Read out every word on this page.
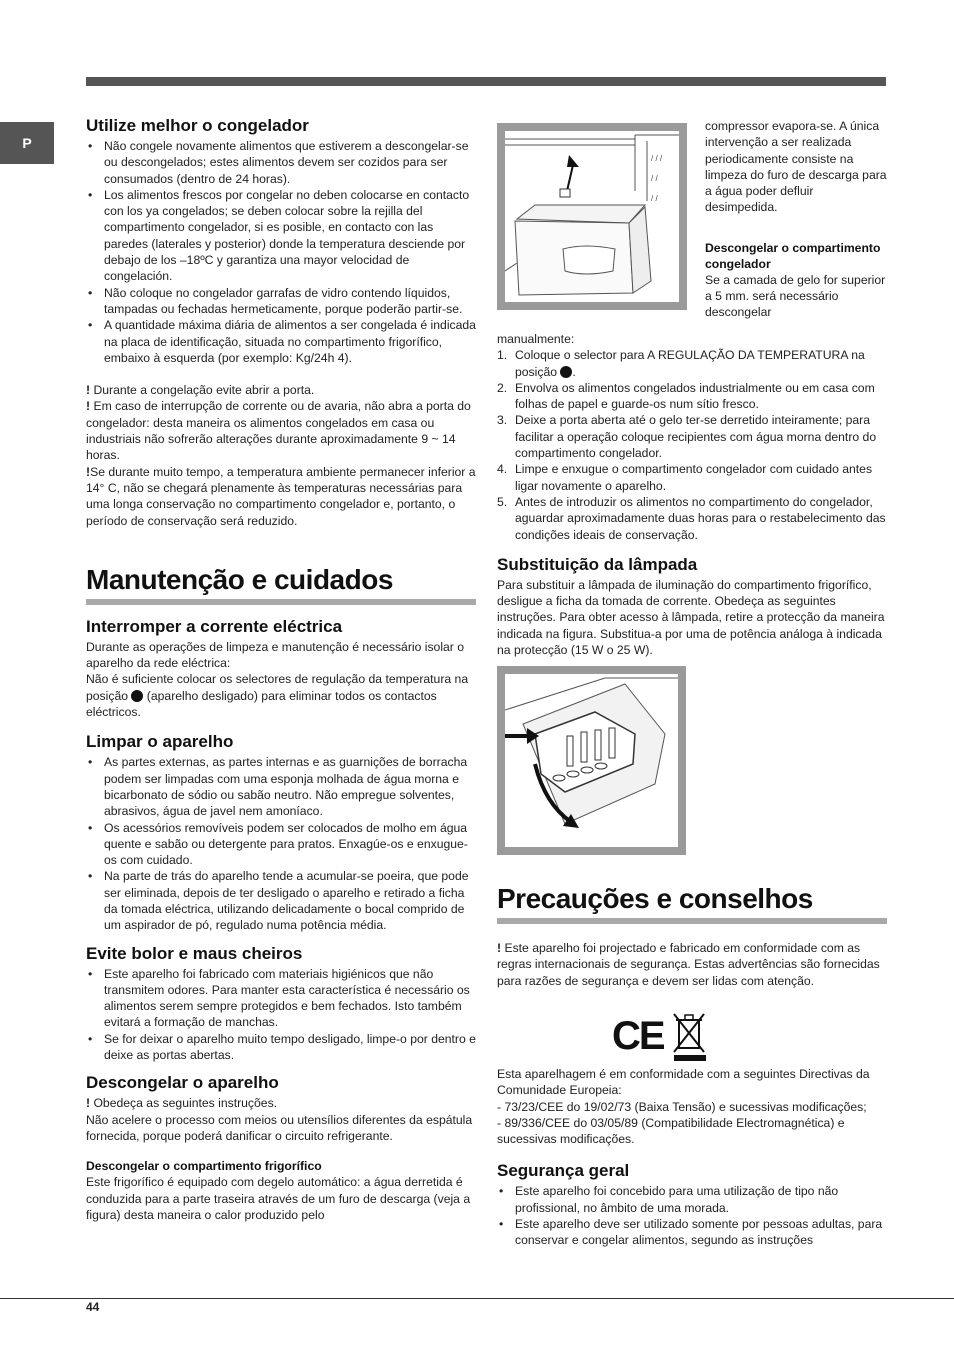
P
Utilize melhor o congelador
• Não congele novamente alimentos que estiverem a descongelar-se ou descongelados; estes alimentos devem ser cozidos para ser consumados (dentro de 24 horas).
• Los alimentos frescos por congelar no deben colocarse en contacto con los ya congelados; se deben colocar sobre la rejilla del compartimento congelador, si es posible, en contacto con las paredes (laterales y posterior) donde la temperatura desciende por debajo de los –18ºC y garantiza una mayor velocidad de congelación.
• Não coloque no congelador garrafas de vidro contendo líquidos, tampadas ou fechadas hermeticamente, porque poderão partir-se.
• A quantidade máxima diária de alimentos a ser congelada é indicada na placa de identificação, situada no compartimento frigorífico, embaixo à esquerda (por exemplo: Kg/24h 4).

! Durante a congelação evite abrir a porta.

! Em caso de interrupção de corrente ou de avaria, não abra a porta do congelador: desta maneira os alimentos congelados em casa ou industriais não sofrerão alterações durante aproximadamente 9 ~ 14 horas.

!Se durante muito tempo, a temperatura ambiente permanecer inferior a 14° C, não se chegará plenamente às temperaturas necessárias para uma longa conservação no compartimento congelador e, portanto, o período de conservação será reduzido.

Manutenção e cuidados
Interromper a corrente eléctrica

Durante as operações de limpeza e manutenção é necessário isolar o aparelho da rede eléctrica:

Não é suficiente colocar os selectores de regulação da temperatura na posição (aparelho desligado) para eliminar todos os contactos eléctricos.

Limpar o aparelho
• As partes externas, as partes internas e as guarnições de borracha podem ser limpadas com uma esponja molhada de água morna e bicarbonato de sódio ou sabão neutro. Não empregue solventes, abrasivos, água de javel nem amoníaco.
• Os acessórios removíveis podem ser colocados de molho em água quente e sabão ou detergente para pratos. Enxagúe-os e enxugue-os com cuidado.
• Na parte de trás do aparelho tende a acumular-se poeira, que pode ser eliminada, depois de ter desligado o aparelho e retirado a ficha da tomada eléctrica, utilizando delicadamente o bocal comprido de um aspirador de pó, regulado numa potência média.
Evite bolor e maus cheiros
• Este aparelho foi fabricado com materiais higiénicos que não transmitem odores. Para manter esta característica é necessário os alimentos serem sempre protegidos e bem fechados. Isto também evitará a formação de manchas.
• Se for deixar o aparelho muito tempo desligado, limpe-o por dentro e deixe as portas abertas.
Descongelar o aparelho

! Obedeça as seguintes instruções.

Não acelere o processo com meios ou utensílios diferentes da espátula fornecida, porque poderá danificar o circuito refrigerante.

Descongelar o compartimento frigorífico

Este frigorífico é equipado com degelo automático: a água derretida é conduzida para a parte traseira através de um furo de descarga (veja a figura) desta maneira o calor produzido pelo

/ / /
/ /
/ /

compressor evapora-se. A única intervenção a ser realizada periodicamente consiste na limpeza do furo de descarga para a água poder defluir desimpedida.

Descongelar o compartimento congelador

Se a camada de gelo for superior a 5 mm. será necessário descongelar

manualmente:

1. Coloque o selector para A REGULAÇÃO DA TEMPERATURA na posição .
2. Envolva os alimentos congelados industrialmente ou em casa com folhas de papel e guarde-os num sítio fresco.
3. Deixe a porta aberta até o gelo ter-se derretido inteiramente; para facilitar a operação coloque recipientes com água morna dentro do compartimento congelador.
4. Limpe e enxugue o compartimento congelador com cuidado antes ligar novamente o aparelho.
5. Antes de introduzir os alimentos no compartimento do congelador, aguardar aproximadamente duas horas para o restabelecimento das condições ideais de conservação.
Substituição da lâmpada

Para substituir a lâmpada de iluminação do compartimento frigorífico, desligue a ficha da tomada de corrente. Obedeça as seguintes instruções. Para obter acesso à lâmpada, retire a protecção da maneira indicada na figura. Substitua-a por uma de potência análoga à indicada na protecção (15 W o 25 W).

Precauções e conselhos

! Este aparelho foi projectado e fabricado em conformidade com as regras internacionais de segurança. Estas advertências são fornecidas para razões de segurança e devem ser lidas com atenção.

CE

Esta aparelhagem é em conformidade com a seguintes Directivas da Comunidade Europeia:

- 73/23/CEE do 19/02/73 (Baixa Tensão) e sucessivas modificações;

- 89/336/CEE do 03/05/89 (Compatibilidade Electromagnética) e sucessivas modificações.

Segurança geral
• Este aparelho foi concebido para uma utilização de tipo não profissional, no âmbito de uma morada.
• Este aparelho deve ser utilizado somente por pessoas adultas, para conservar e congelar alimentos, segundo as instruções
44
